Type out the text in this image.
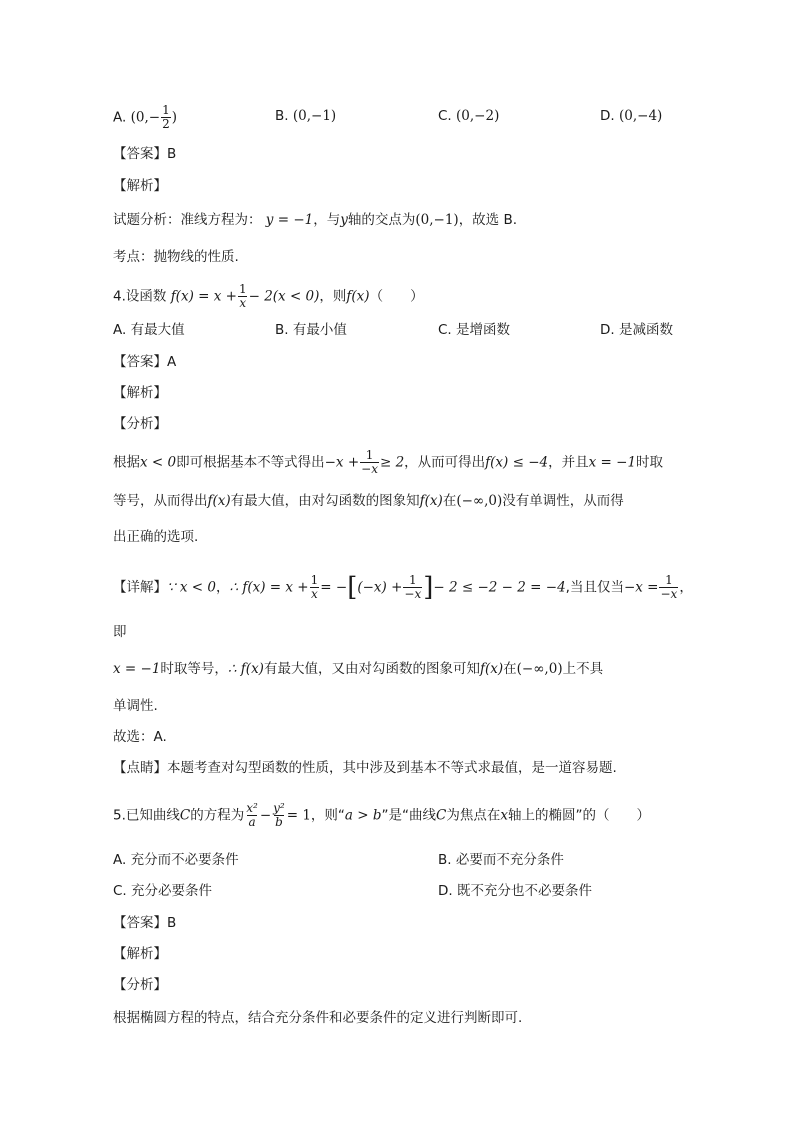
A. ($0,- \frac{1}{2}$ )	B. (0,−1)	C. (0,−2)	D. (0,−4)
【答案】B
【解析】
试题分析：准线方程为： y = −1，与y轴的交点为(0,−1)，故选 B.
考点：抛物线的性质.
4.设函数 $f(x) = x + \frac{1}{x} - 2(x < 0)$，则f(x)（　　）
A. 有最大值	B. 有最小值	C. 是增函数	D. 是减函数
【答案】A
【解析】
【分析】
根据x < 0即可根据基本不等式得出$-x + \frac{1}{-x} \ge 2$，从而可得出f(x) ≤ −4，并且x = −1时取
等号，从而得出f(x)有最大值，由对勾函数的图象知f(x)在(−∞,0)没有单调性，从而得
出正确的选项.
【详解】∵ x < 0，∴ $f(x) = x + \frac{1}{x} = -[(-x) + \frac{1}{-x}$ ]− 2 ≤ −2 − 2 = −4,当且仅当$-x = \frac{1}{-x}$ ，
即
x = −1时取等号，∴ f(x)有最大值，又由对勾函数的图象可知f(x)在(−∞,0)上不具
单调性.
故选：A.
【点睛】本题考查对勾型函数的性质，其中涉及到基本不等式求最值，是一道容易题.
5.已知曲线C的方程为 $\frac{\text{x²}}{a} - \frac{\text{y²}}{b} = 1$，则“a > b”是“曲线C为焦点在x轴上的椭圆”的（　　）
A. 充分而不必要条件	B. 必要而不充分条件
C. 充分必要条件	D. 既不充分也不必要条件
【答案】B
【解析】
【分析】
根据椭圆方程的特点，结合充分条件和必要条件的定义进行判断即可.
